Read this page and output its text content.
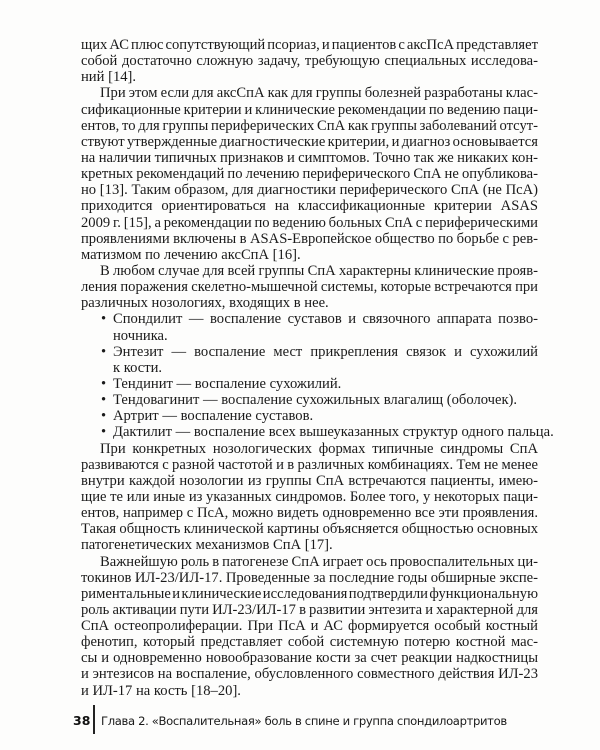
щих АС плюс сопутствующий псориаз, и пациентов с аксПсА представляет
собой достаточно сложную задачу, требующую специальных исследова-
ний [14].
При этом если для аксСпА как для группы болезней разработаны клас-
сификационные критерии и клинические рекомендации по ведению паци-
ентов, то для группы периферических СпА как группы заболеваний отсут-
ствуют утвержденные диагностические критерии, и диагноз основывается
на наличии типичных признаков и симптомов. Точно так же никаких кон-
кретных рекомендаций по лечению периферического СпА не опубликова-
но [13]. Таким образом, для диагностики периферического СпА (не ПсА)
приходится ориентироваться на классификационные критерии ASAS
2009 г. [15], а рекомендации по ведению больных СпА с периферическими
проявлениями включены в ASAS-Европейское общество по борьбе с рев-
матизмом по лечению аксСпА [16].
В любом случае для всей группы СпА характерны клинические прояв-
ления поражения скелетно-мышечной системы, которые встречаются при
различных нозологиях, входящих в нее.
• Спондилит — воспаление суставов и связочного аппарата позво-
ночника.
• Энтезит — воспаление мест прикрепления связок и сухожилий
к кости.
• Тендинит — воспаление сухожилий.
• Тендовагинит — воспаление сухожильных влагалищ (оболочек).
• Артрит — воспаление суставов.
• Дактилит — воспаление всех вышеуказанных структур одного пальца.
При конкретных нозологических формах типичные синдромы СпА
развиваются с разной частотой и в различных комбинациях. Тем не менее
внутри каждой нозологии из группы СпА встречаются пациенты, имею-
щие те или иные из указанных синдромов. Более того, у некоторых паци-
ентов, например с ПсА, можно видеть одновременно все эти проявления.
Такая общность клинической картины объясняется общностью основных
патогенетических механизмов СпА [17].
Важнейшую роль в патогенезе СпА играет ось провоспалительных ци-
токинов ИЛ-23/ИЛ-17. Проведенные за последние годы обширные экспе-
риментальные и клинические исследования подтвердили функциональную
роль активации пути ИЛ-23/ИЛ-17 в развитии энтезита и характерной для
СпА остеопролиферации. При ПсА и АС формируется особый костный
фенотип, который представляет собой системную потерю костной мас-
сы и одновременно новообразование кости за счет реакции надкостницы
и энтезисов на воспаление, обусловленного совместного действия ИЛ-23
и ИЛ-17 на кость [18–20].
38 Глава 2. «Воспалительная» боль в спине и группа спондилоартритов
